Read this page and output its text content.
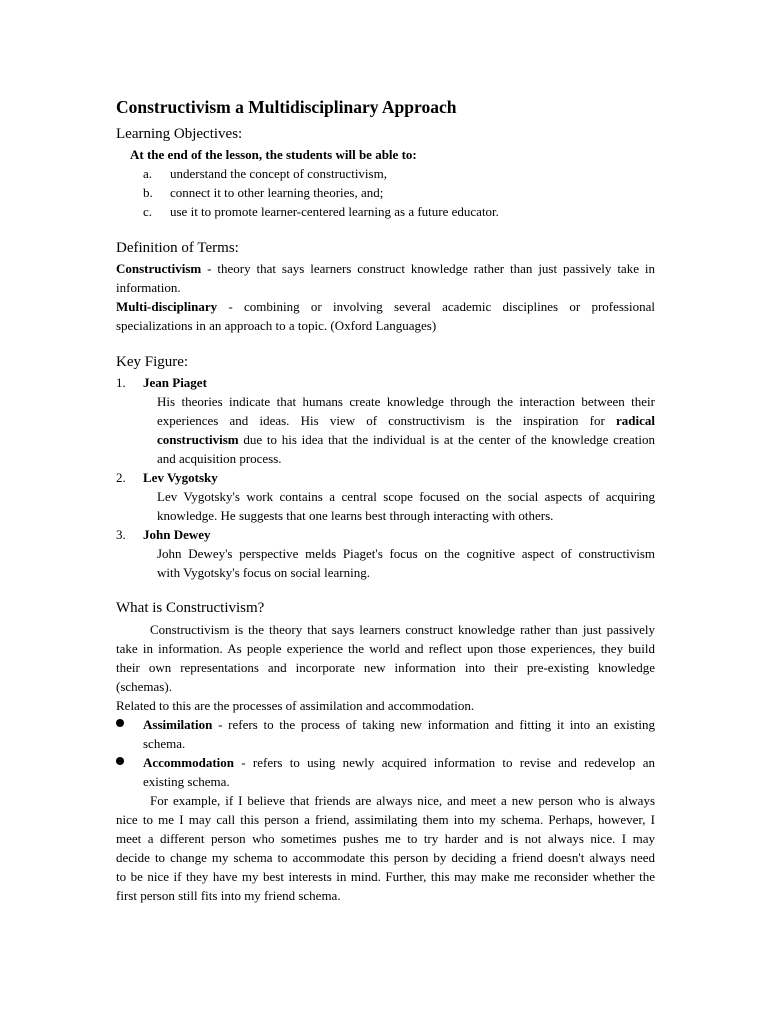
Constructivism a Multidisciplinary Approach
Learning Objectives:
At the end of the lesson, the students will be able to:
a. understand the concept of constructivism,
b. connect it to other learning theories, and;
c. use it to promote learner-centered learning as a future educator.
Definition of Terms:
Constructivism - theory that says learners construct knowledge rather than just passively take in
information.
Multi-disciplinary - combining or involving several academic disciplines or professional
specializations in an approach to a topic. (Oxford Languages)
Key Figure:
1. Jean Piaget
His theories indicate that humans create knowledge through the interaction between their
experiences and ideas. His view of constructivism is the inspiration for radical
constructivism due to his idea that the individual is at the center of the knowledge creation
and acquisition process.
2. Lev Vygotsky
Lev Vygotsky's work contains a central scope focused on the social aspects of acquiring
knowledge. He suggests that one learns best through interacting with others.
3. John Dewey
John Dewey's perspective melds Piaget's focus on the cognitive aspect of constructivism
with Vygotsky's focus on social learning.
What is Constructivism?
Constructivism is the theory that says learners construct knowledge rather than just passively
take in information. As people experience the world and reflect upon those experiences, they build
their own representations and incorporate new information into their pre-existing knowledge
(schemas).
Related to this are the processes of assimilation and accommodation.
Assimilation - refers to the process of taking new information and fitting it into an existing
schema.
Accommodation - refers to using newly acquired information to revise and redevelop an
existing schema.
For example, if I believe that friends are always nice, and meet a new person who is always
nice to me I may call this person a friend, assimilating them into my schema. Perhaps, however, I
meet a different person who sometimes pushes me to try harder and is not always nice. I may
decide to change my schema to accommodate this person by deciding a friend doesn't always need
to be nice if they have my best interests in mind. Further, this may make me reconsider whether the
first person still fits into my friend schema.
